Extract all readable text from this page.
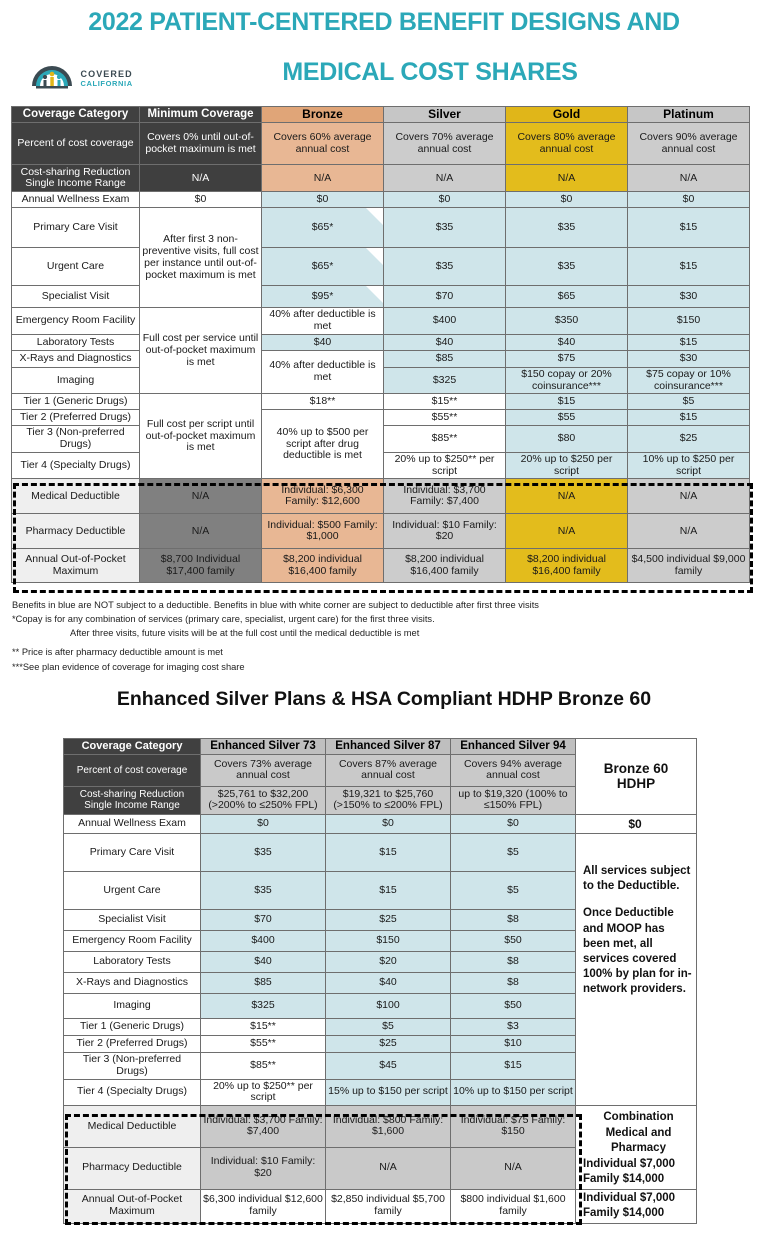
2022 PATIENT-CENTERED BENEFIT DESIGNS AND
MEDICAL COST SHARES
COVERED
CALIFORNIA
Coverage Category	Minimum Coverage	Bronze	Silver	Gold	Platinum
Percent of cost coverage	Covers 0% until out-of-pocket maximum is met	Covers 60% average annual cost	Covers 70% average annual cost	Covers 80% average annual cost	Covers 90% average annual cost
Cost-sharing Reduction Single Income Range	N/A	N/A	N/A	N/A	N/A
Annual Wellness Exam	$0	$0	$0	$0	$0
Primary Care Visit	After first 3 non-preventive visits, full cost per instance until out-of-pocket maximum is met	$65*	$35	$35	$15
Urgent Care		$65*	$35	$35	$15
Specialist Visit		$95*	$70	$65	$30
Emergency Room Facility	Full cost per service until out-of-pocket maximum is met	40% after deductible is met	$400	$350	$150
Laboratory Tests		$40	$40	$40	$15
X-Rays and Diagnostics		40% after deductible is met	$85	$75	$30
Imaging			$325	$150 copay or 20% coinsurance***	$75 copay or 10% coinsurance***
Tier 1 (Generic Drugs)	Full cost per script until out-of-pocket maximum is met	$18**	$15**	$15	$5
Tier 2 (Preferred Drugs)		40% up to $500 per script after drug deductible is met	$55**	$55	$15
Tier 3 (Non-preferred Drugs)			$85**	$80	$25
Tier 4 (Specialty Drugs)			20% up to $250** per script	20% up to $250 per script	10% up to $250 per script
Medical Deductible	N/A	Individual: $6,300 Family: $12,600	Individual: $3,700 Family: $7,400	N/A	N/A
Pharmacy Deductible	N/A	Individual: $500 Family: $1,000	Individual: $10 Family: $20	N/A	N/A
Annual Out-of-Pocket Maximum	$8,700 Individual $17,400 family	$8,200 individual $16,400 family	$8,200 individual $16,400 family	$8,200 individual $16,400 family	$4,500 individual $9,000 family
Benefits in blue are NOT subject to a deductible. Benefits in blue with white corner are subject to deductible after first three visits
*Copay is for any combination of services (primary care, specialist, urgent care) for the first three visits.
After three visits, future visits will be at the full cost until the medical deductible is met
** Price is after pharmacy deductible amount is met
***See plan evidence of coverage for imaging cost share
Enhanced Silver Plans & HSA Compliant HDHP Bronze 60
Coverage Category	Enhanced Silver 73	Enhanced Silver 87	Enhanced Silver 94	Bronze 60
HDHP

Percent of cost coverage	Covers 73% average annual cost	Covers 87% average annual cost	Covers 94% average annual cost	
Cost-sharing Reduction Single Income Range	$25,761 to $32,200 (>200% to ≤250% FPL)	$19,321 to $25,760 (>150% to ≤200% FPL)	up to $19,320 (100% to ≤150% FPL)	
Annual Wellness Exam	$0	$0	$0	$0
Primary Care Visit	$35	$15	$5	All services subject to the Deductible.
Once Deductible and MOOP has been met, all services covered 100% by plan for in-network providers.

Urgent Care	$35	$15	$5	
Specialist Visit	$70	$25	$8	
Emergency Room Facility	$400	$150	$50	
Laboratory Tests	$40	$20	$8	
X-Rays and Diagnostics	$85	$40	$8	
Imaging	$325	$100	$50	
Tier 1 (Generic Drugs)	$15**	$5	$3	
Tier 2 (Preferred Drugs)	$55**	$25	$10	
Tier 3 (Non-preferred Drugs)	$85**	$45	$15	
Tier 4 (Specialty Drugs)	20% up to $250** per script	15% up to $150 per script	10% up to $150 per script	
Medical Deductible	Individual: $3,700 Family: $7,400	Individual: $800 Family: $1,600	Individual: $75 Family: $150	Combination Medical and Pharmacy
Individual $7,000
Family $14,000

Pharmacy Deductible	Individual: $10 Family: $20	N/A	N/A	
Annual Out-of-Pocket Maximum	$6,300 individual $12,600 family	$2,850 individual $5,700 family	$800 individual $1,600 family	Individual $7,000
Family $14,000
